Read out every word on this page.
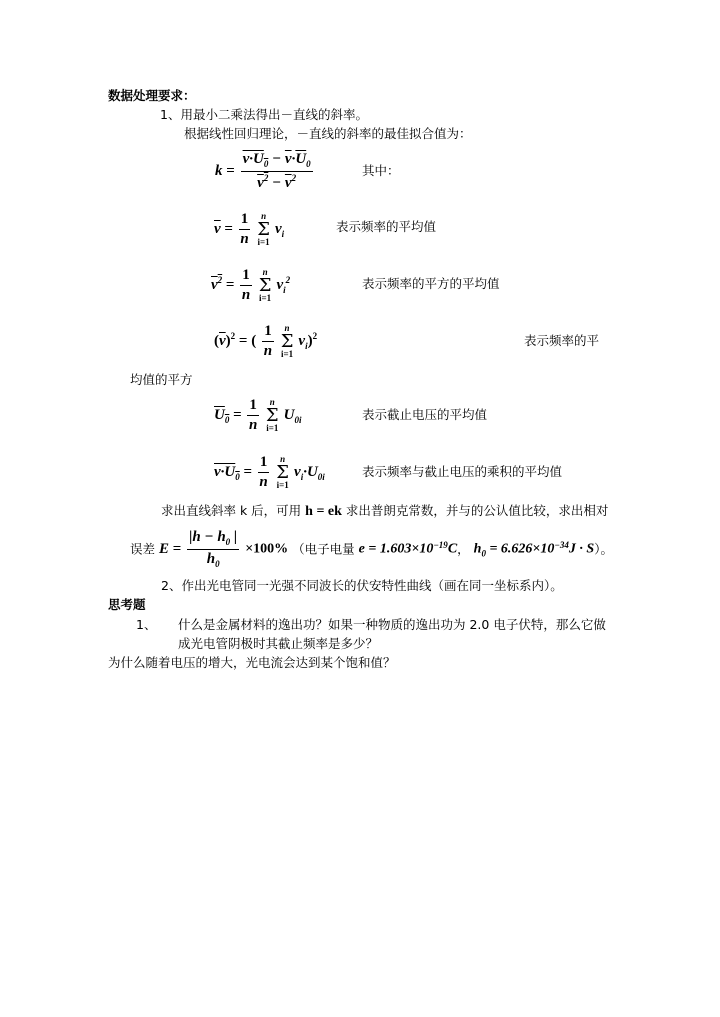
数据处理要求：
1、用最小二乘法得出－直线的斜率。
根据线性回归理论，－直线的斜率的最佳拟合值为：
$k = \frac{\nu\cdot U_0 - \overline{\nu}\cdot\overline{U}_0}{\nu^2 - \overline{\nu}^2}$	其中：
$\overline{\nu} = \frac{1}{n}$
n
Σ
i=1
$\nu_i$
表示频率的平均值
$\nu^2 = \frac{1}{n}$
n
Σ
i=1
$\nu_i^2$	表示频率的平方的平均值
$(\overline{\nu})^2$ = ( $\frac{1}{n}$
n
Σ
i=1
$\nu_i)^2$	表示频率的平
均值的平方
$U_0 = \frac{1}{n}$
n
Σ
i=1
$U_{0i}$	表示截止电压的平均值
$\nu\cdot U_0 = \frac{1}{n}$
n
Σ
i=1
$\nu_i\cdot U_{0i}$	表示频率与截止电压的乘积的平均值
求出直线斜率 k 后，可用 h = ek 求出普朗克常数，并与的公认值比较，求出相对
误差 $E = \frac{|h - h_0 |}{h_0} \times 100\%$ （电子电量 $e = 1.603\times 10^{-19}C$， $h_0 = 6.626\times 10^{-34}J \cdot S$）。
2、作出光电管同一光强不同波长的伏安特性曲线（画在同一坐标系内）。
思考题
1、 什么是金属材料的逸出功？如果一种物质的逸出功为 2.0 电子伏特，那么它做
成光电管阴极时其截止频率是多少？
为什么随着电压的增大，光电流会达到某个饱和值？
